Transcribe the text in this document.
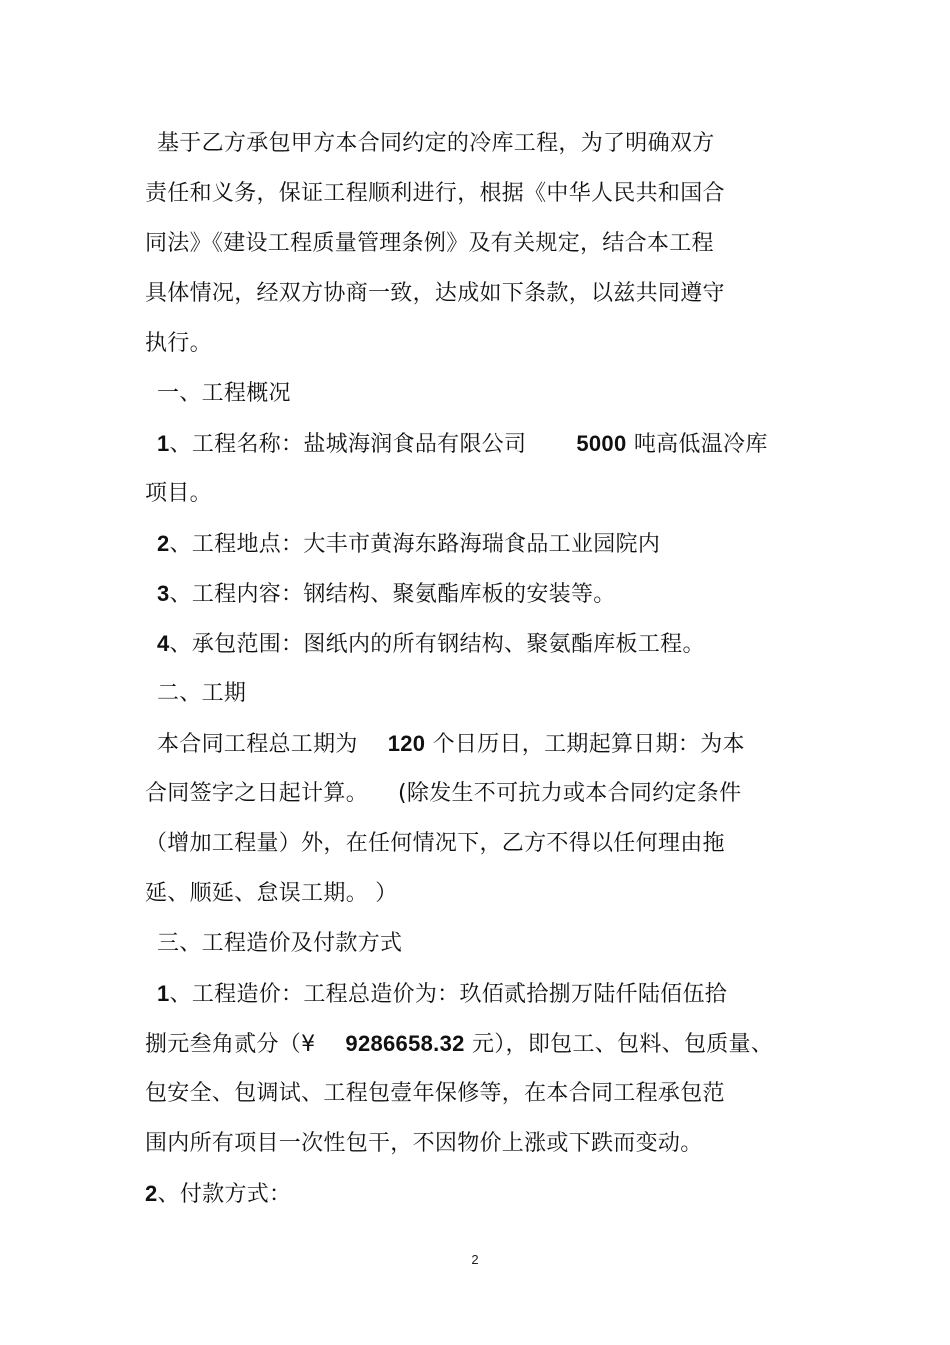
基于乙方承包甲方本合同约定的冷库工程，为了明确双方
责任和义务，保证工程顺利进行，根据《中华人民共和国合
同法》《建设工程质量管理条例》及有关规定，结合本工程
具体情况，经双方协商一致，达成如下条款，以兹共同遵守
执行。
一、工程概况
1、工程名称：盐城海润食品有限公司 5000 吨高低温冷库
项目。
2、工程地点：大丰市黄海东路海瑞食品工业园院内
3、工程内容：钢结构、聚氨酯库板的安装等。
4、承包范围：图纸内的所有钢结构、聚氨酯库板工程。
二、工期
本合同工程总工期为 120 个日历日，工期起算日期：为本
合同签字之日起计算。 (除发生不可抗力或本合同约定条件
（增加工程量）外，在任何情况下，乙方不得以任何理由拖
延、顺延、怠误工期。 ）
三、工程造价及付款方式
1、工程造价：工程总造价为：玖佰贰拾捌万陆仟陆佰伍拾
捌元叁角贰分（¥ 9286658.32 元），即包工、包料、包质量、
包安全、包调试、工程包壹年保修等，在本合同工程承包范
围内所有项目一次性包干，不因物价上涨或下跌而变动。
2、付款方式：
2
